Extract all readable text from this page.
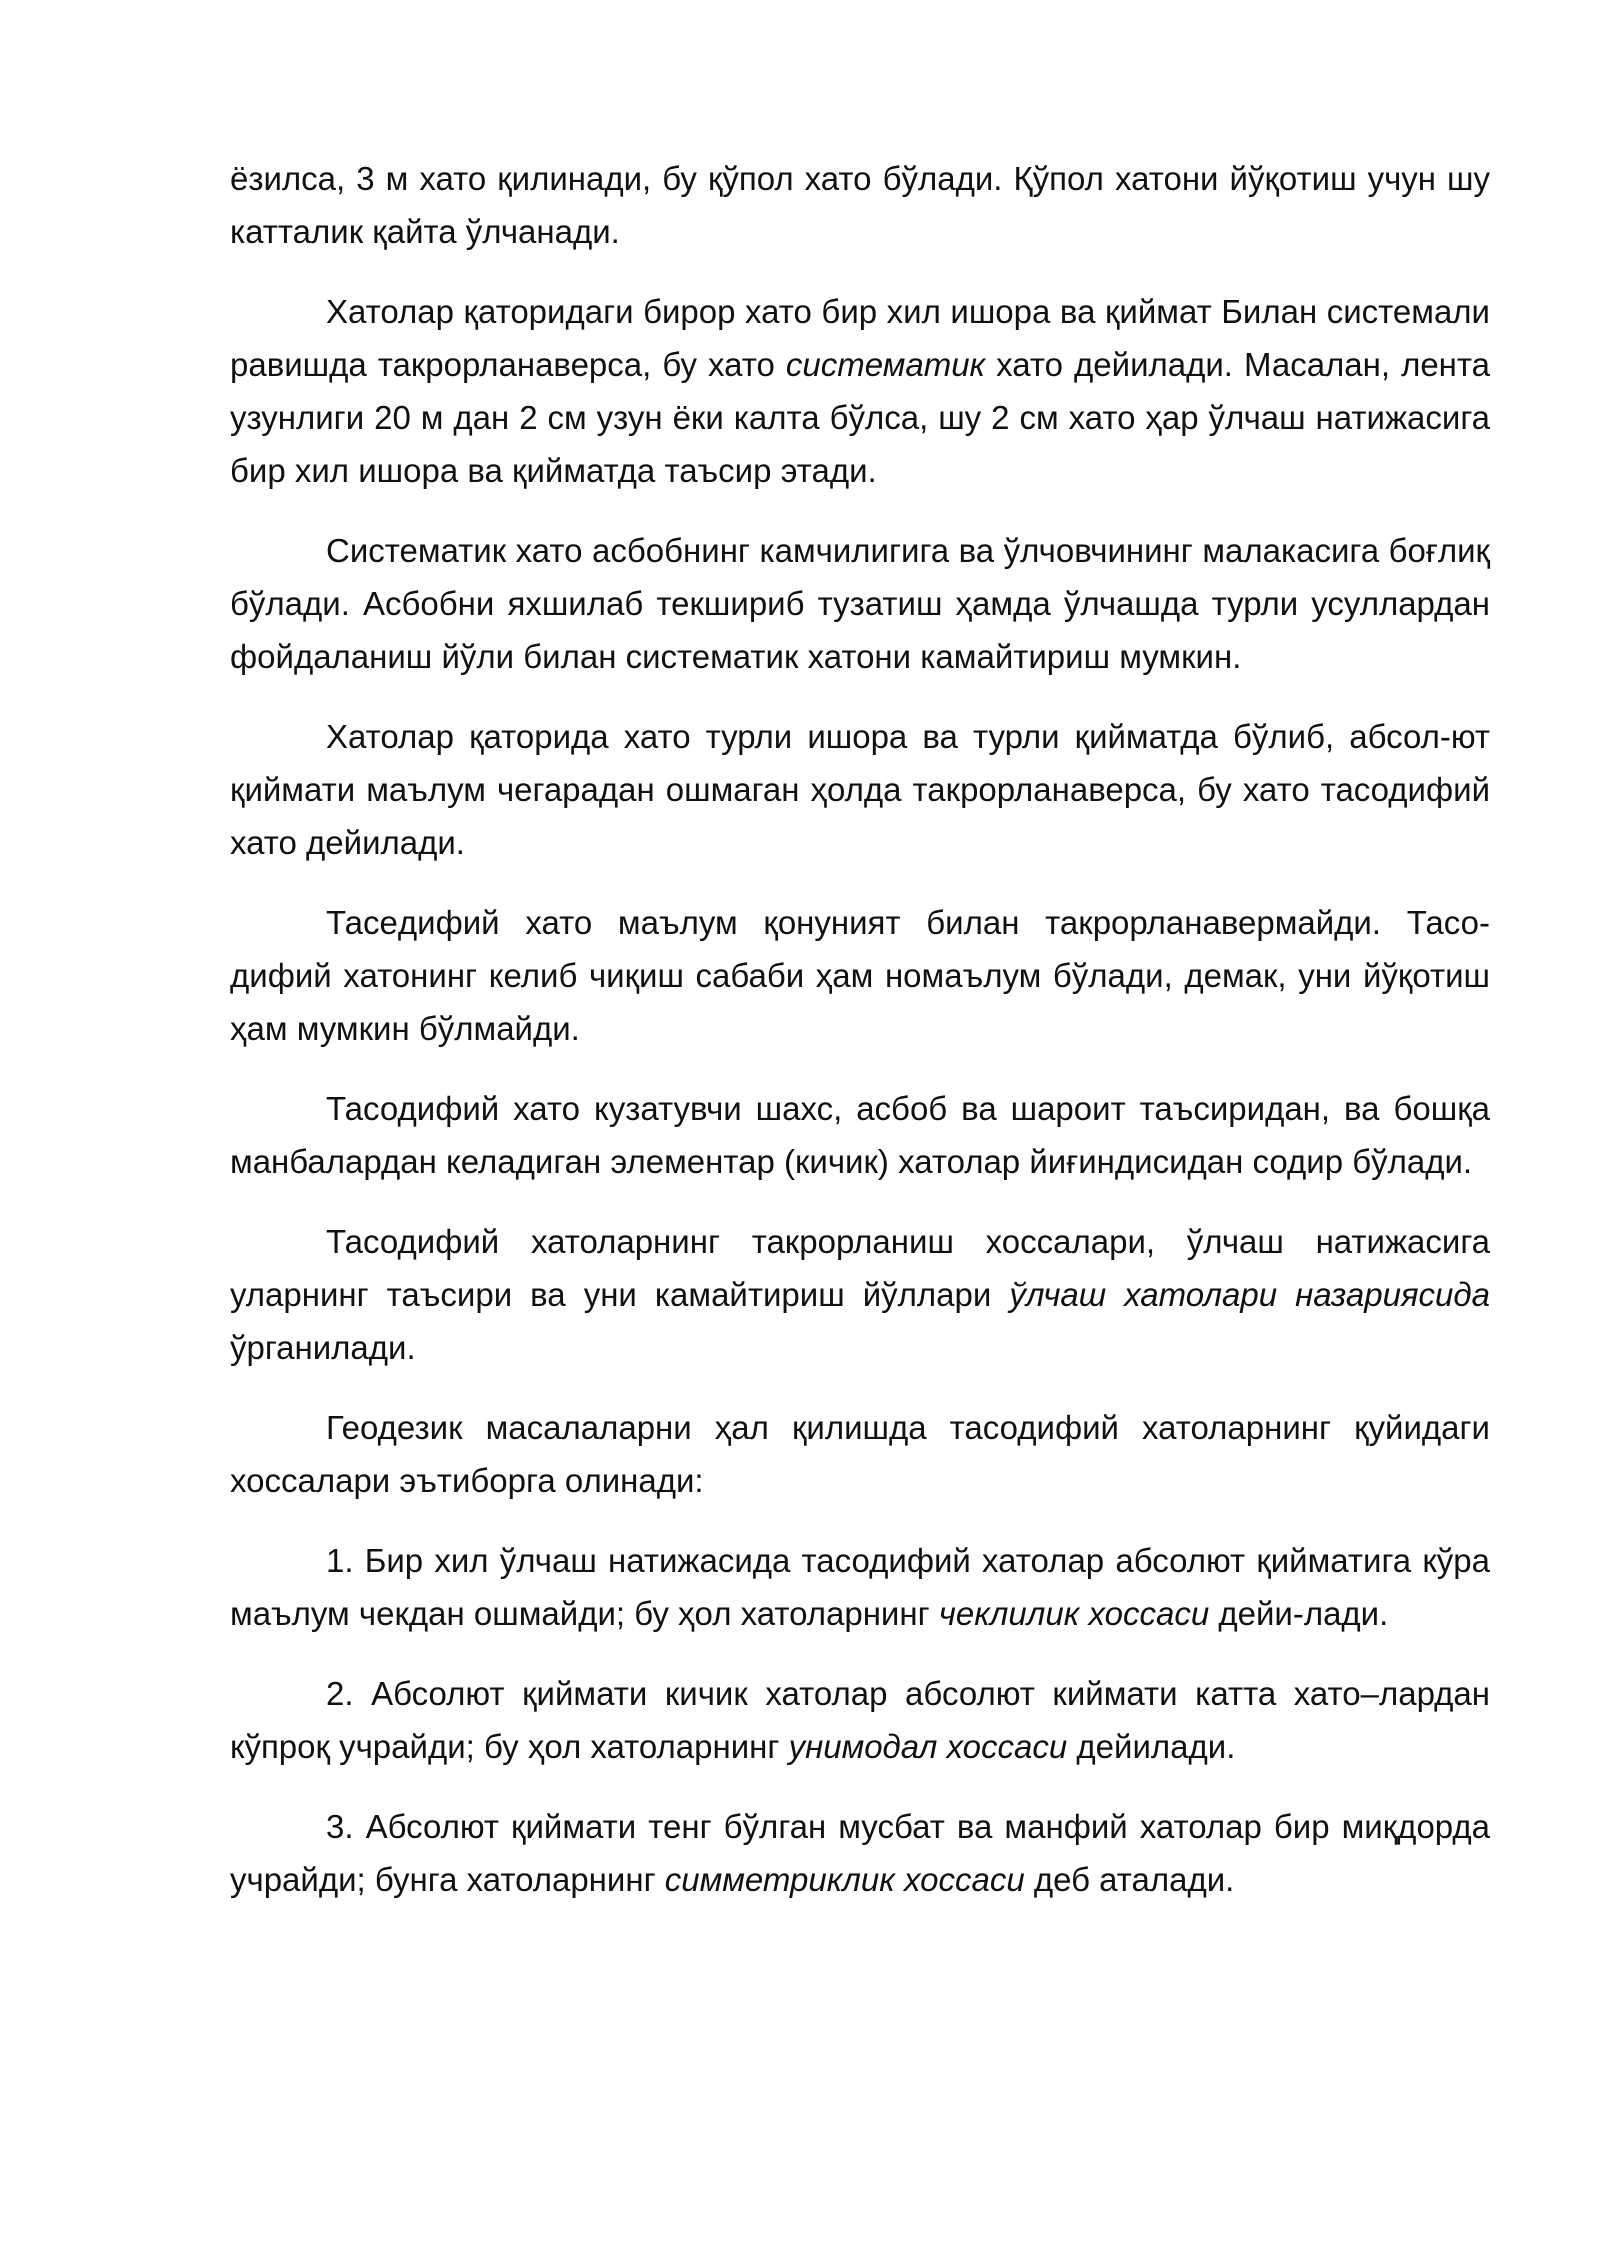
ёзилса, 3 м хато қилинади, бу қўпол хато бўлади. Қўпол хатони йўқотиш учун шу катталик қайта ўлчанади.

Хатолар қаторидаги бирор хато бир хил ишора ва қиймат Билан системали равишда такрорланаверса, бу хато систематик хато дейилади. Масалан, лента узунлиги 20 м дан 2 см узун ёки калта бўлса, шу 2 см хато ҳар ўлчаш натижасига бир хил ишора ва қийматда таъсир этади.

Систематик хато асбобнинг камчилигига ва ўлчовчининг малакасига боғлиқ бўлади. Асбобни яхшилаб текшириб тузатиш ҳамда ўлчашда турли усуллардан фойдаланиш йўли билан систематик хатони камайтириш мумкин.

Хатолар қаторида хато турли ишора ва турли қийматда бўлиб, абсол-ют қиймати маълум чегарадан ошмаган ҳолда такрорланаверса, бу хато тасодифий хато дейилади.

Тасeдифий хато маълум қонуният билан такрорланавермайди. Тасо-дифий хатонинг келиб чиқиш сабаби ҳам номаълум бўлади, демак, уни йўқотиш ҳам мумкин бўлмайди.

Тасодифий хато кузатувчи шахс, асбоб ва шароит таъсиридан, ва бошқа манбалардан келадиган элементар (кичик) хатолар йиғиндисидан содир бўлади.

Тасодифий хатоларнинг такрорланиш хоссалари, ўлчаш натижасига уларнинг таъсири ва уни камайтириш йўллари ўлчаш хатолари назариясида ўрганилади.

Геодезик масалаларни ҳал қилишда тасодифий хатоларнинг қуйидаги хоссалари эътиборга олинади:

1. Бир хил ўлчаш натижасида тасодифий хатолар абсолют қийматига кўра маълум чекдан ошмайди; бу ҳол хатоларнинг чеклилик хоссаси дейи-лади.

2. Абсолют қиймати кичик хатолар абсолют киймати катта хато–лардан кўпроқ учрайди; бу ҳол хатоларнинг унимодал хоссаси дейилади.

3. Абсолют қиймати тенг бўлган мусбат ва манфий хатолар бир миқдорда учрайди; бунга хатоларнинг симметриклик хоссаси деб аталади.
